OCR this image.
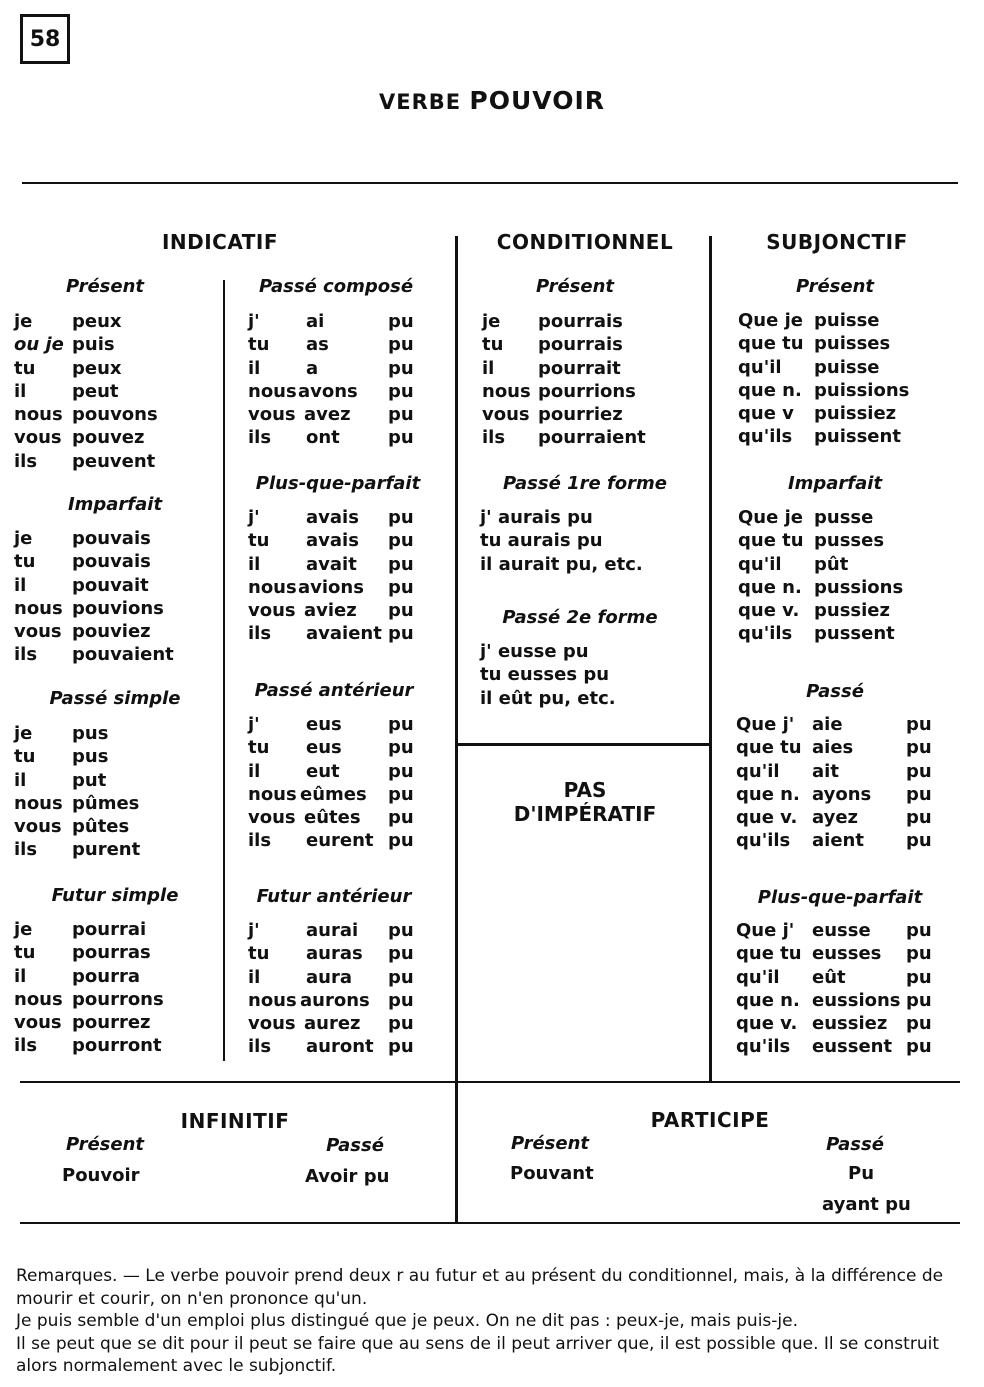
58
VERBE POUVOIR
INDICATIF	CONDITIONNEL	SUBJONCTIF
Présent
je peux
ou je puis
tu peux
il	peut
nous pouvons
vous pouvez
ils peuvent
Imparfait
je pouvais
tu pouvais
il	pouvait
nous pouvions
vous pouviez
ils pouvaient
Passé simple
je pus
tu pus
il	put
nous pûmes
vous pûtes
ils purent
Futur simple
je pourrai
tu pourras
il	pourra
nous pourrons
vous pourrez
ils pourront
Passé composé
j'	ai	pu
tu as	pu
il	a	pu
nous avons pu
vous avez pu
ils ont	pu
Plus-que-parfait
j'	avais pu
tu avais pu
il	avait pu
nous avions pu
vous aviez pu
ils avaient pu
Passé antérieur
j'	eus	pu
tu eus	pu
il	eut	pu
nous eûmes pu
vous eûtes pu
ils eurent pu
Futur antérieur
j'	aurai pu
tu auras pu
il	aura pu
nous aurons pu
vous aurez pu
ils auront pu
Présent
je pourrais
tu pourrais
il pourrait
nous pourrions
vous pourriez
ils pourraient
Passé 1re forme
j' aurais pu
tu aurais pu
il aurait pu, etc.
Passé 2e forme
j' eusse pu
tu eusses pu
il eût pu, etc.
PAS
D'IMPÉRATIF
Présent
Que je puisse
que tu puisses
qu'il puisse
que n. puissions
que v puissiez
qu'ils puissent
Imparfait
Que je pusse
que tu pusses
qu'il pût
que n. pussions
que v. pussiez
qu'ils pussent
Passé
Que j' aie	pu
que tu aies	pu
qu'il ait	pu
que n. ayons pu
que v. ayez	pu
qu'ils aient pu
Plus-que-parfait
Que j' eusse pu
que tu eusses pu
qu'il eût	pu
que n. eussions pu
que v. eussiez pu
qu'ils eussent pu
INFINITIF
Présent	Passé
Pouvoir	Avoir pu
PARTICIPE
Présent	Passé
Pouvant	Pu
ayant pu

Remarques. — Le verbe pouvoir prend deux r au futur et au présent du conditionnel, mais, à la différence de mourir et courir, on n'en prononce qu'un.

Je puis semble d'un emploi plus distingué que je peux. On ne dit pas : peux-je, mais puis-je.

Il se peut que se dit pour il peut se faire que au sens de il peut arriver que, il est possible que. Il se construit alors normalement avec le subjonctif.
